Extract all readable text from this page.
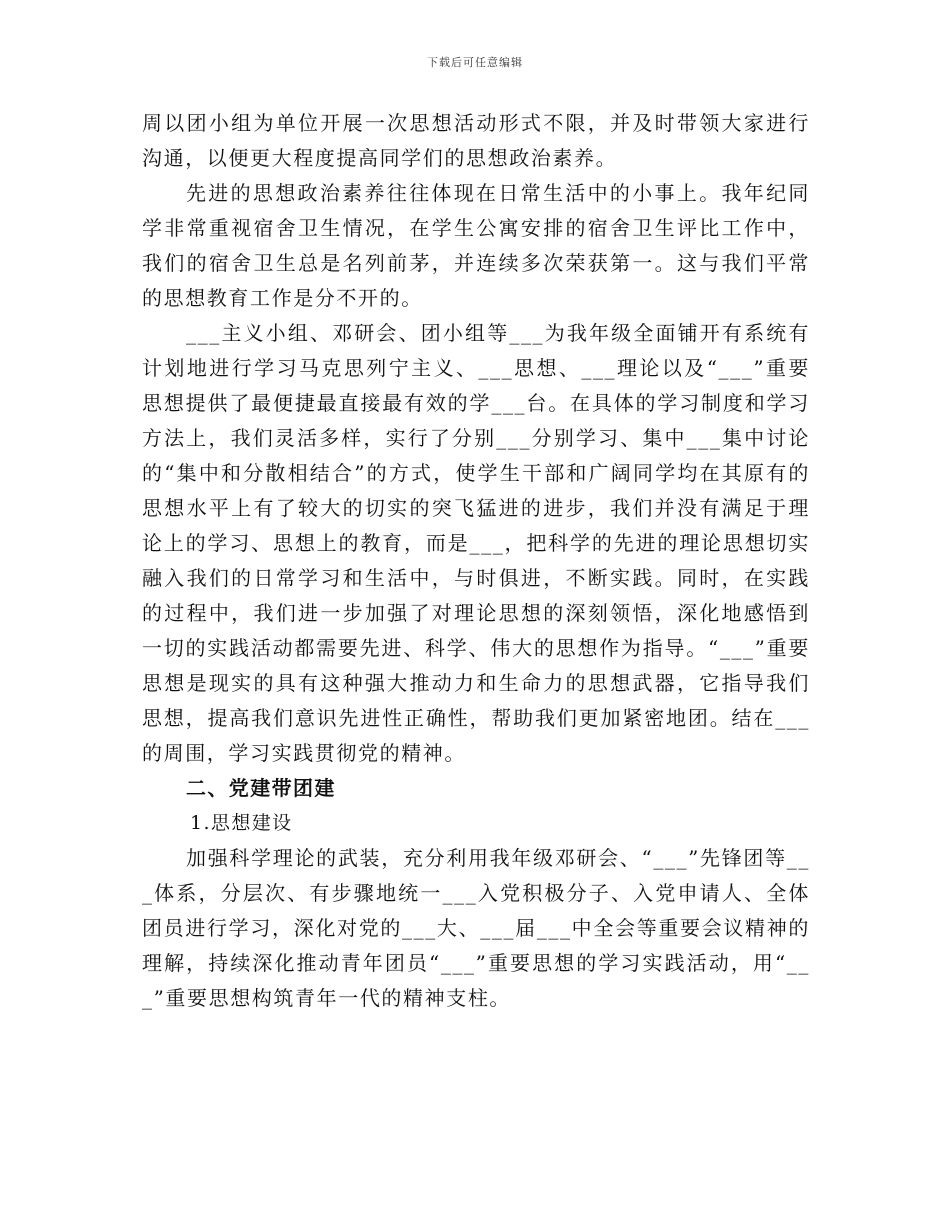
下载后可任意编辑

周以团小组为单位开展一次思想活动形式不限，并及时带领大家进行沟通，以便更大程度提高同学们的思想政治素养。

先进的思想政治素养往往体现在日常生活中的小事上。我年纪同学非常重视宿舍卫生情况，在学生公寓安排的宿舍卫生评比工作中，我们的宿舍卫生总是名列前茅，并连续多次荣获第一。这与我们平常的思想教育工作是分不开的。

___主义小组、邓研会、团小组等___为我年级全面铺开有系统有计划地进行学习马克思列宁主义、___思想、___理论以及“___”重要思想提供了最便捷最直接最有效的学___台。在具体的学习制度和学习方法上，我们灵活多样，实行了分别___分别学习、集中___集中讨论的“集中和分散相结合”的方式，使学生干部和广阔同学均在其原有的思想水平上有了较大的切实的突飞猛进的进步，我们并没有满足于理论上的学习、思想上的教育，而是___，把科学的先进的理论思想切实融入我们的日常学习和生活中，与时俱进，不断实践。同时，在实践的过程中，我们进一步加强了对理论思想的深刻领悟，深化地感悟到一切的实践活动都需要先进、科学、伟大的思想作为指导。“___”重要思想是现实的具有这种强大推动力和生命力的思想武器，它指导我们思想，提高我们意识先进性正确性，帮助我们更加紧密地团。结在___的周围，学习实践贯彻党的精神。

二、党建带团建

1.思想建设

加强科学理论的武装，充分利用我年级邓研会、“___”先锋团等___体系，分层次、有步骤地统一___入党积极分子、入党申请人、全体团员进行学习，深化对党的___大、___届___中全会等重要会议精神的理解，持续深化推动青年团员“___”重要思想的学习实践活动，用“___”重要思想构筑青年一代的精神支柱。
